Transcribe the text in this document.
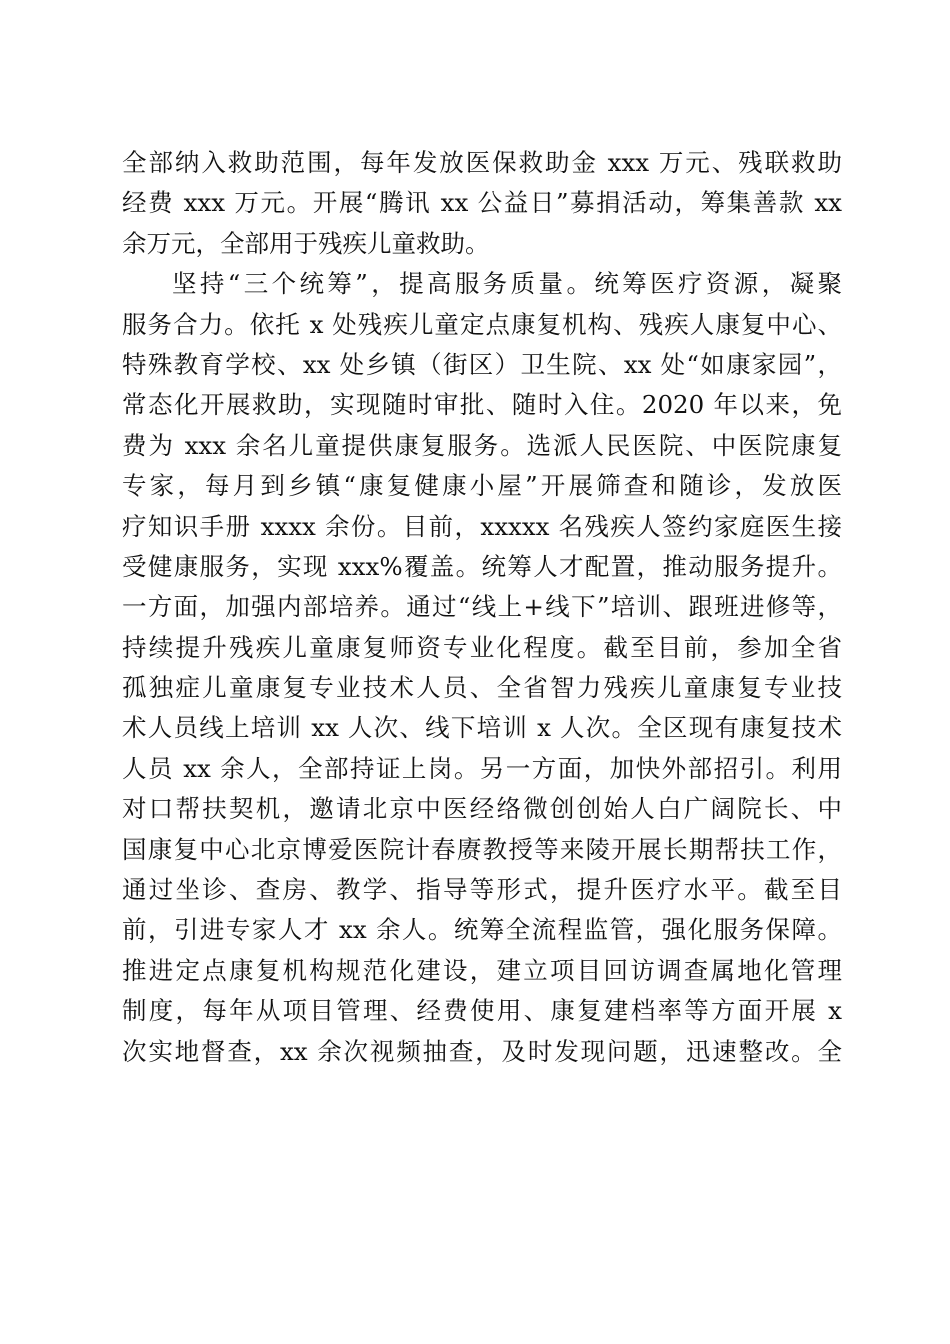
全部纳入救助范围，每年发放医保救助金 xxx 万元、残联救助
经费 xxx 万元。开展“腾讯 xx 公益日”募捐活动，筹集善款 xx
余万元，全部用于残疾儿童救助。
坚持“三个统筹”，提高服务质量。统筹医疗资源，凝聚
服务合力。依托 x 处残疾儿童定点康复机构、残疾人康复中心、
特殊教育学校、xx 处乡镇（街区）卫生院、xx 处“如康家园”，
常态化开展救助，实现随时审批、随时入住。2020 年以来，免
费为 xxx 余名儿童提供康复服务。选派人民医院、中医院康复
专家，每月到乡镇“康复健康小屋”开展筛查和随诊，发放医
疗知识手册 xxxx 余份。目前，xxxxx 名残疾人签约家庭医生接
受健康服务，实现 xxx%覆盖。统筹人才配置，推动服务提升。
一方面，加强内部培养。通过“线上+线下”培训、跟班进修等，
持续提升残疾儿童康复师资专业化程度。截至目前，参加全省
孤独症儿童康复专业技术人员、全省智力残疾儿童康复专业技
术人员线上培训 xx 人次、线下培训 x 人次。全区现有康复技术
人员 xx 余人，全部持证上岗。另一方面，加快外部招引。利用
对口帮扶契机，邀请北京中医经络微创创始人白广阔院长、中
国康复中心北京博爱医院计春赓教授等来陵开展长期帮扶工作，
通过坐诊、查房、教学、指导等形式，提升医疗水平。截至目
前，引进专家人才 xx 余人。统筹全流程监管，强化服务保障。
推进定点康复机构规范化建设，建立项目回访调查属地化管理
制度，每年从项目管理、经费使用、康复建档率等方面开展 x
次实地督查，xx 余次视频抽查，及时发现问题，迅速整改。全
